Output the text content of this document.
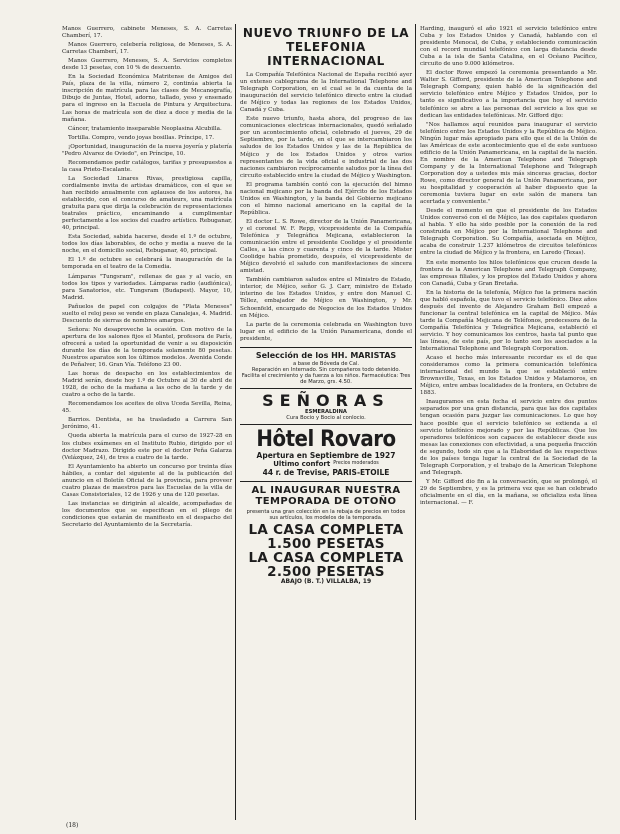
Manos Guerrero, cabinete Meneses, S. A. Carretas Chamberí, 17.

Manos Guerrero, celebería religiosa, de Meneses, S. A. Carretas Chamberí, 17.

Manos Guerrero, Meneses, S. A. Servicios completos desde 13 pesetas, con 10 % de descuento.

En la Sociedad Económica Matritense de Amigos del País, plaza de la villa, número 2, continúa abierta la inscripción de matrícula para las clases de Mecanografía, Dibujo de Juntas, Hotel, adorno, tallado, yeso y ensenado para el ingreso en la Escuela de Pintura y Arquitectura. Las horas de matrícula son de diez a doce y media de la mañana.

Cáncer, tratamiento inseparable Neoplasina Alcubilla.

Tortilla. Compro, vendo joyas bosillas. Príncipe, 17.

¡Oportunidad, inauguración de la nueva joyería y platería "Pedro Alvarez de Oviedo", en Príncipe, 10.

Recomendamos pedir catálogos, tarifas y presupuestos a la casa Prieto-Escalante.

La Sociedad Linares Rivas, prestigiosa capilla, cordialmente invita de artistas dramáticos, con el que se han recibido anualmente con aplausos de los autores, ha establecido, con el concurso de amateurs, una matrícula gratuita para que dirija la celebración de representaciones teatrales práctico, encaminando a cumplimentar perfectamente a los socios del cuadro artístico. Rebuganar, 40, principal.

Esta Sociedad, sabida hacerse, desde el 1.º de octubre, todos los días laborables, de ocho y media a nueve de la noche, en el domicilio social, Rebuganar, 40, principal.

El 1.º de octubre se celebrará la inauguración de la temporada en el teatro de la Comedia.

Lámparas "Tungsram", rellenas de gas y al vacío, en todos los tipos y variedades. Lámparas radio (audiónica), para Sanatorios, etc. Tungsram (Budapest). Mayor, 10, Madrid.

Pañuelos de papel con colgajos de "Plata Meneses" suelto el reloj peso se vende en plaza Canalejas, 4. Madrid. Descuento de sierras de nombres amargos.

Señora: No desaproveche la ocasión. Con motivo de la apertura de los salones fijos el Mantel, profesora de París, ofrecerá a usted la oportunidad de venir a su disposición durante los días de la temporada solamente 80 pesetas. Nuestros aparatos son los últimos modelos. Avenida Conde de Peñalver, 16. Gran Vía. Teléfono 23 00.

Las horas de despacho en los establecimientos de Madrid serán, desde hoy 1.º de Octubre al 30 de abril de 1928, de ocho de la mañana a las ocho de la tarde y de cuatro a ocho de la tarde.

Recomendamos los aceites de oliva Uceda Sevilla, Reina, 45.

Barrios. Dentista, se ha trasladado a Carrera San Jerónimo, 41.

Queda abierta la matrícula para el curso de 1927-28 en los clubes exámenes en el Instituto Rubio, dirigido por el doctor Madrazo. Dirigido este por el doctor Peña Galarza (Velázquez, 24), de tres a cuatro de la tarde.

El Ayuntamiento ha abierto un concurso por treinta días hábiles, a contar del siguiente al de la publicación del anuncio en el Boletín Oficial de la provincia, para proveer cuatro plazas de maestros para las Escuelas de la villa de Casas Consistoriales, 12 de 1926 y una de 120 pesetas.

Las instancias se dirigirán al alcalde, acompañadas de los documentos que se especifican en el pliego de condiciones que estarán de manifiesto en el despacho del Secretario del Ayuntamiento de la Secretaría.

(18)
NUEVO TRIUNFO DE LA TELEFONIA INTERNACIONAL

La Compañía Telefónica Nacional de España recibió ayer un extenso cablegrama de la International Telephone and Telegraph Corporation, en el cual se le da cuenta de la inauguración del servicio telefónico directo entre la ciudad de Méjico y todas las regiones de los Estados Unidos, Canadá y Cuba.

Este nuevo triunfo, hasta ahora, del progreso de las comunicaciones electricas internacionales, quedó señalado por un acontecimiento oficial, celebrado el jueves, 29 de Septiembre, por la tarde, en el que se intercambiaron los saludos de los Estados Unidos y las de la República de Méjico y de los Estados Unidos y otros varios representantes de la vida oficial e industrial de las dos naciones cambiaron recíprocamente saludos por la línea del circuito establecido entre la ciudad de Méjico y Washington.

El programa también contó con la ejecución del himno nacional mejicano por la banda del Ejército de los Estados Unidos en Washington, y la banda del Gobierno mejicano con el himno nacional americano en la capital de la República.

El doctor L. S. Rowe, director de la Unión Panamericana, y el coronel W. F. Repp, vicepresidente de la Compañía Telefónica y Telegráfica Mejicana, establecieron la comunicación entre el presidente Coolidge y el presidente Calles, a las cinco y cuarenta y cinco de la tarde. Mister Coolidge había prometido, después, el vicepresidente de Méjico devolvió el saludo con manifestaciones de sincera amistad.

También cambiaron saludos entre el Ministro de Estado, interior, de Méjico, señor G. J. Carr, ministro de Estado interino de los Estados Unidos, y entre don Manuel C. Téllez, embajador de Méjico en Washington, y Mr. Schoenfeld, encargado de Negocios de los Estados Unidos en Méjico.

La parte de la ceremonia celebrada en Washington tuvo lugar en el edificio de la Unión Panamericana, donde el presidente,

Selección de los HH. MARISTAS
a base de Bóveda de Cal.
Reparación en Internado. Sin compañeros todo detenido.
Facilita el crecimiento y da fuerza a los niños. Farmacéutica: Tres de Marzo, grs. 4.50.
SEÑORAS
ESMERALDINA
Cura Bocio y Bocio al conlocio.
Hôtel Rovaro
Apertura en Septiembre de 1927
Ultimo confort Precios moderados
44 r. de Trevise, PARIS-ETOILE
AL INAUGURAR NUESTRA
TEMPORADA DE OTOÑO
presenta una gran colección en la rebaja de precios en todos sus artículos, los modelos de la temporada.
LA CASA COMPLETA
1.500 PESETAS
LA CASA COMPLETA
2.500 PESETAS
ABAJO (B. T.) VILLALBA, 19

Harding, inauguró el año 1921 el servicio telefónico entre Cuba y los Estados Unidos y Canadá, hablando con el presidente Menocal, de Cuba, y estableciendo comunicación con el record mundial telefónico con larga distancia desde Cuba a la isla de Santa Catalina, en el Océano Pacífico, circuito de uno 9.000 kilómetros.

El doctor Rowe empezó la ceremonia presentando a Mr. Walter S. Gifford, presidente de la American Telephone and Telegraph Company, quien habló de la significación del servicio telefónico entre Méjico y Estados Unidos, por lo tanto es significativo a la importancia que hoy el servicio telefónico se abre a las personas del servicio a los que se dedican las entidades telefónicas. Mr. Gifford dijo:

"Nos hallamos aquí reunidos para inaugurar el servicio telefónico entre los Estados Unidos y la República de Méjico. Ningún lugar más apropiado para ello que el de la Unión de las Américas de este acontecimiento que el de este suntuoso edificio de la Unión Panamericana, en la capital de la nación. En nombre de la American Telephone and Telegraph Company y de la International Telephone and Telegraph Corporation doy a ustedes mis más sinceras gracias, doctor Rowe, como director general de la Unión Panamericana, por su hospitalidad y cooperación al haber dispuesto que la ceremonia tuviera lugar en este salón de manera tan acertada y conveniente."

Desde el momento en que el presidente de los Estados Unidos conversó con el de Méjico, las dos capitales quedaron al habla. Y ello ha sido posible por la conexión de la red construida en Méjico por la International Telephone and Telegraph Corporation. Su Compañía, asociada en Méjico, acaba de construir 1.237 kilómetros de circuitos telefónicos entre la ciudad de Méjico y la frontera, en Laredo (Texas).

En este momento los hilos telefónicos que crucen desde la frontera de la American Telephone and Telegraph Company, las empresas filiales, y los propios del Estado Unidos y ahora con Canadá, Cuba y Gran Bretaña.

En la historia de la telefonía, Méjico fue la primera nación que habló española, que tuvo el servicio telefónico. Diez años después del invento de Alejandro Graham Bell empezó a funcionar la central telefónica en la capital de Méjico. Más tarde la Compañía Mejicana de Teléfonos, predecesora de la Compañía Telefónica y Telegráfica Mejicana, estableció el servicio. Y hoy comunicamos los centros, hasta tal punto que las líneas, de este país, por lo tanto son los asociados a la International Telephone and Telegraph Corporation.

Acaso el hecho más interesante recordar es el de que consideramos como la primera comunicación telefónica internacional del mundo la que se estableció entre Brownsville, Texas, en los Estados Unidos y Matamoros, en Méjico, entre ambas localidades de la frontera, en Octubre de 1883.

Inauguramos en esta fecha el servicio entre dos puntos separados por una gran distancia, para que las dos capitales tengan ocasión para juzgar las comunicaciones. Lo que hoy hace posible que el servicio telefónico se extienda a el servicio telefónico mejorado y por las Repúblicas. Que los operadores telefónicos son capaces de establecer desde sus mesas las conexiones con efectividad, a una pequeña fracción de segundo, todo sin que a la Elaboridad de las respectivas de los países tenga lugar la central de la Sociedad de la Telegraph Corporation, y el trabajo de la American Telephone and Telegraph.

Y Mr. Gifford dio fin a la conversación, que se prolongó, el 29 de Septiembre, y es la primera vez que se han celebrado oficialmente en el día, en la mañana, se oficializa esta línea internacional. — F.
